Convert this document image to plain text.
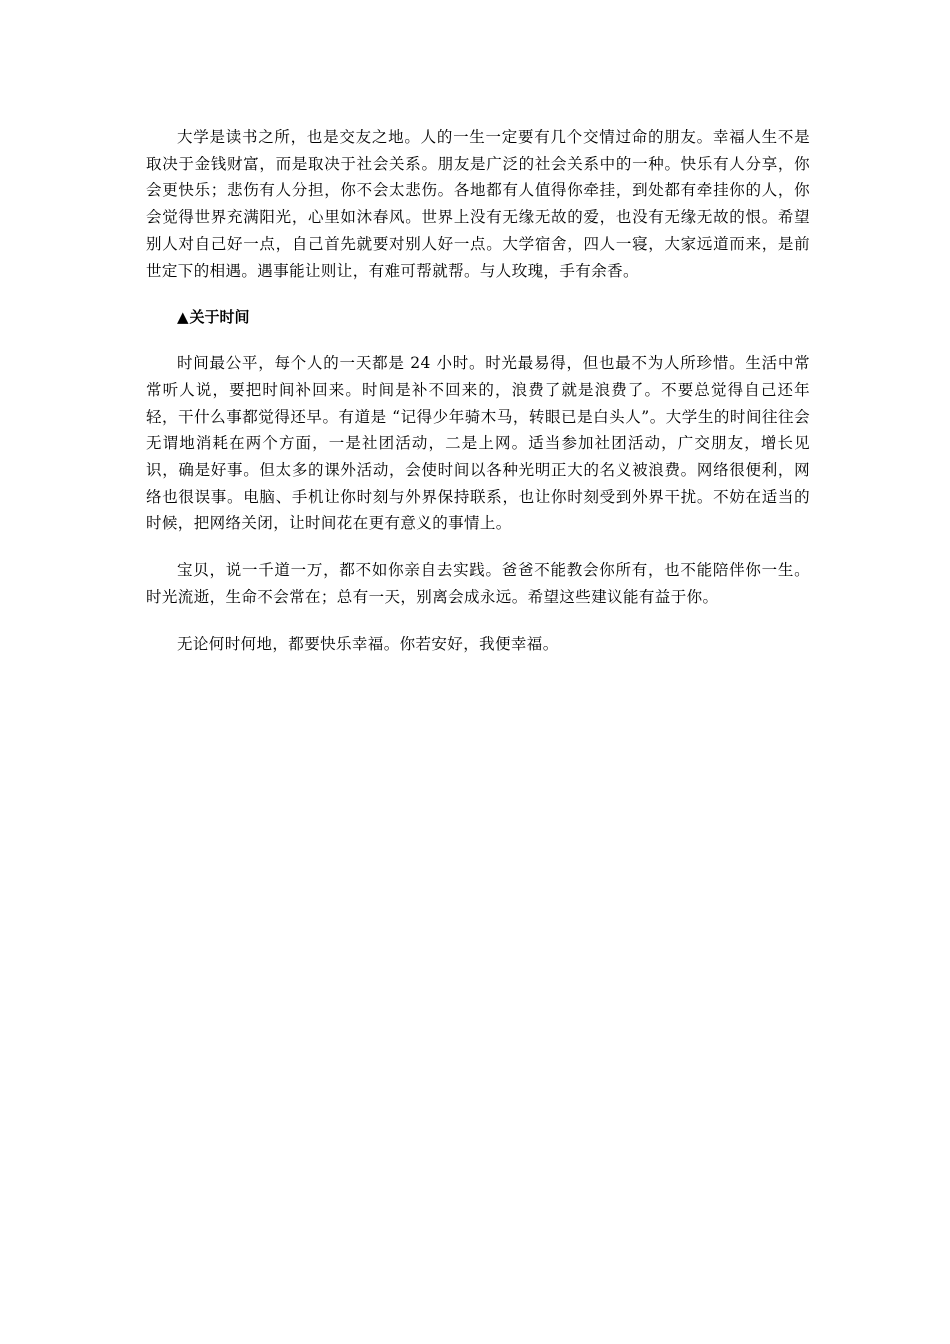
大学是读书之所，也是交友之地。人的一生一定要有几个交情过命的朋友。幸福人生不是取决于金钱财富，而是取决于社会关系。朋友是广泛的社会关系中的一种。快乐有人分享，你会更快乐；悲伤有人分担，你不会太悲伤。各地都有人值得你牵挂，到处都有牵挂你的人，你会觉得世界充满阳光，心里如沐春风。世界上没有无缘无故的爱，也没有无缘无故的恨。希望别人对自己好一点，自己首先就要对别人好一点。大学宿舍，四人一寝，大家远道而来，是前世定下的相遇。遇事能让则让，有难可帮就帮。与人玫瑰，手有余香。

▲关于时间

时间最公平，每个人的一天都是 24 小时。时光最易得，但也最不为人所珍惜。生活中常常听人说，要把时间补回来。时间是补不回来的，浪费了就是浪费了。不要总觉得自己还年轻，干什么事都觉得还早。有道是 “记得少年骑木马，转眼已是白头人”。大学生的时间往往会无谓地消耗在两个方面，一是社团活动，二是上网。适当参加社团活动，广交朋友，增长见识，确是好事。但太多的课外活动，会使时间以各种光明正大的名义被浪费。网络很便利，网络也很误事。电脑、手机让你时刻与外界保持联系，也让你时刻受到外界干扰。不妨在适当的时候，把网络关闭，让时间花在更有意义的事情上。

宝贝，说一千道一万，都不如你亲自去实践。爸爸不能教会你所有，也不能陪伴你一生。时光流逝，生命不会常在；总有一天，别离会成永远。希望这些建议能有益于你。

无论何时何地，都要快乐幸福。你若安好，我便幸福。
